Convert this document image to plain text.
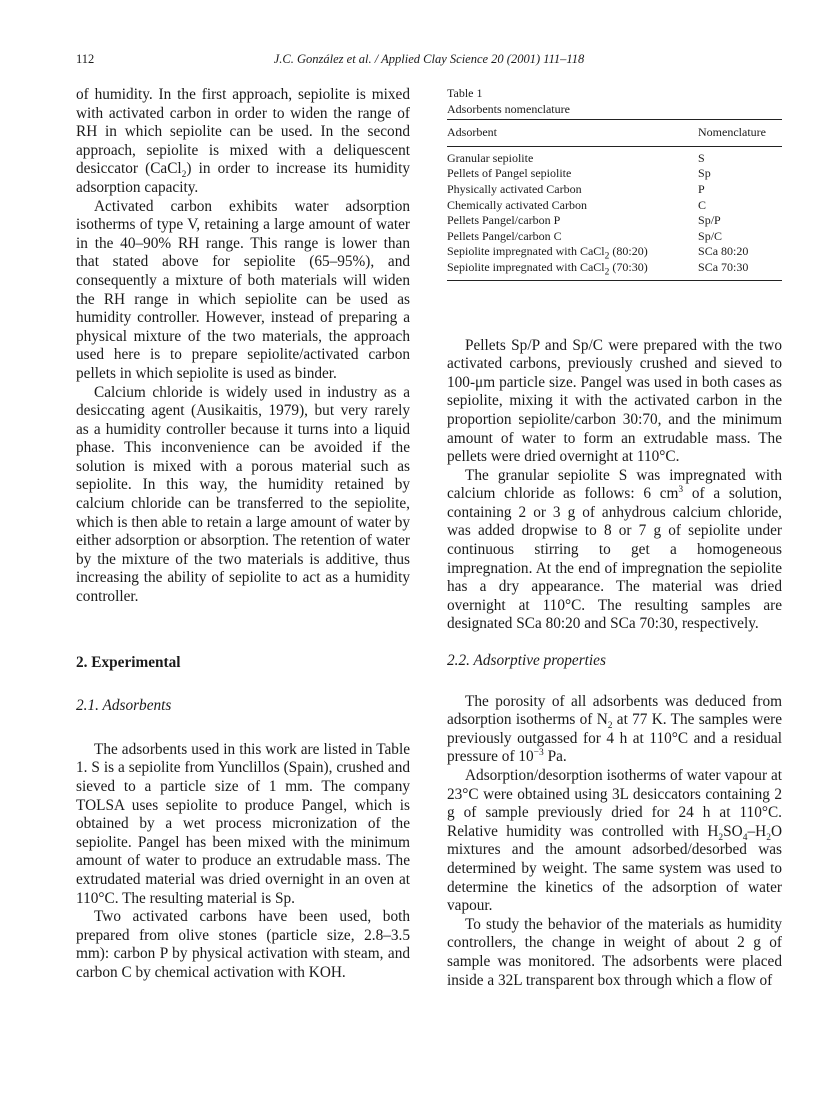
112	J.C. González et al. / Applied Clay Science 20 (2001) 111–118

of humidity. In the first approach, sepiolite is mixed with activated carbon in order to widen the range of RH in which sepiolite can be used. In the second approach, sepiolite is mixed with a deliquescent desiccator (CaCl$_2$) in order to increase its humidity adsorption capacity.

Activated carbon exhibits water adsorption isotherms of type V, retaining a large amount of water in the 40–90% RH range. This range is lower than that stated above for sepiolite (65–95%), and consequently a mixture of both materials will widen the RH range in which sepiolite can be used as humidity controller. However, instead of preparing a physical mixture of the two materials, the approach used here is to prepare sepiolite/activated carbon pellets in which sepiolite is used as binder.

Calcium chloride is widely used in industry as a desiccating agent (Ausikaitis, 1979), but very rarely as a humidity controller because it turns into a liquid phase. This inconvenience can be avoided if the solution is mixed with a porous material such as sepiolite. In this way, the humidity retained by calcium chloride can be transferred to the sepiolite, which is then able to retain a large amount of water by either adsorption or absorption. The retention of water by the mixture of the two materials is additive, thus increasing the ability of sepiolite to act as a humidity controller.

2. Experimental

2.1. Adsorbents

The adsorbents used in this work are listed in Table 1. S is a sepiolite from Yunclillos (Spain), crushed and sieved to a particle size of 1 mm. The company TOLSA uses sepiolite to produce Pangel, which is obtained by a wet process micronization of the sepiolite. Pangel has been mixed with the minimum amount of water to produce an extrudable mass. The extrudated material was dried overnight in an oven at 110°C. The resulting material is Sp.

Two activated carbons have been used, both prepared from olive stones (particle size, 2.8–3.5 mm): carbon P by physical activation with steam, and carbon C by chemical activation with KOH.

Table 1

Adsorbents nomenclature

Adsorbent	Nomenclature
Granular sepiolite	S
Pellets of Pangel sepiolite	Sp
Physically activated Carbon	P
Chemically activated Carbon	C
Pellets Pangel/carbon P	Sp/P
Pellets Pangel/carbon C	Sp/C
Sepiolite impregnated with CaCl$_2$ (80:20)	SCa 80:20
Sepiolite impregnated with CaCl$_2$ (70:30)	SCa 70:30

Pellets Sp/P and Sp/C were prepared with the two activated carbons, previously crushed and sieved to 100-μm particle size. Pangel was used in both cases as sepiolite, mixing it with the activated carbon in the proportion sepiolite/carbon 30:70, and the minimum amount of water to form an extrudable mass. The pellets were dried overnight at 110°C.

The granular sepiolite S was impregnated with calcium chloride as follows: 6 $cm^3$ of a solution, containing 2 or 3 g of anhydrous calcium chloride, was added dropwise to 8 or 7 g of sepiolite under continuous stirring to get a homogeneous impregnation. At the end of impregnation the sepiolite has a dry appearance. The material was dried overnight at 110°C. The resulting samples are designated SCa 80:20 and SCa 70:30, respectively.

2.2. Adsorptive properties

The porosity of all adsorbents was deduced from adsorption isotherms of $N_2$ at 77 K. The samples were previously outgassed for 4 h at 110°C and a residual pressure of $10^{-3}$ Pa.

Adsorption/desorption isotherms of water vapour at 23°C were obtained using 3L desiccators containing 2 g of sample previously dried for 24 h at 110°C. Relative humidity was controlled with $H_2SO_4-H_2O$ mixtures and the amount adsorbed/desorbed was determined by weight. The same system was used to determine the kinetics of the adsorption of water vapour.

To study the behavior of the materials as humidity controllers, the change in weight of about 2 g of sample was monitored. The adsorbents were placed inside a 32L transparent box through which a flow of
